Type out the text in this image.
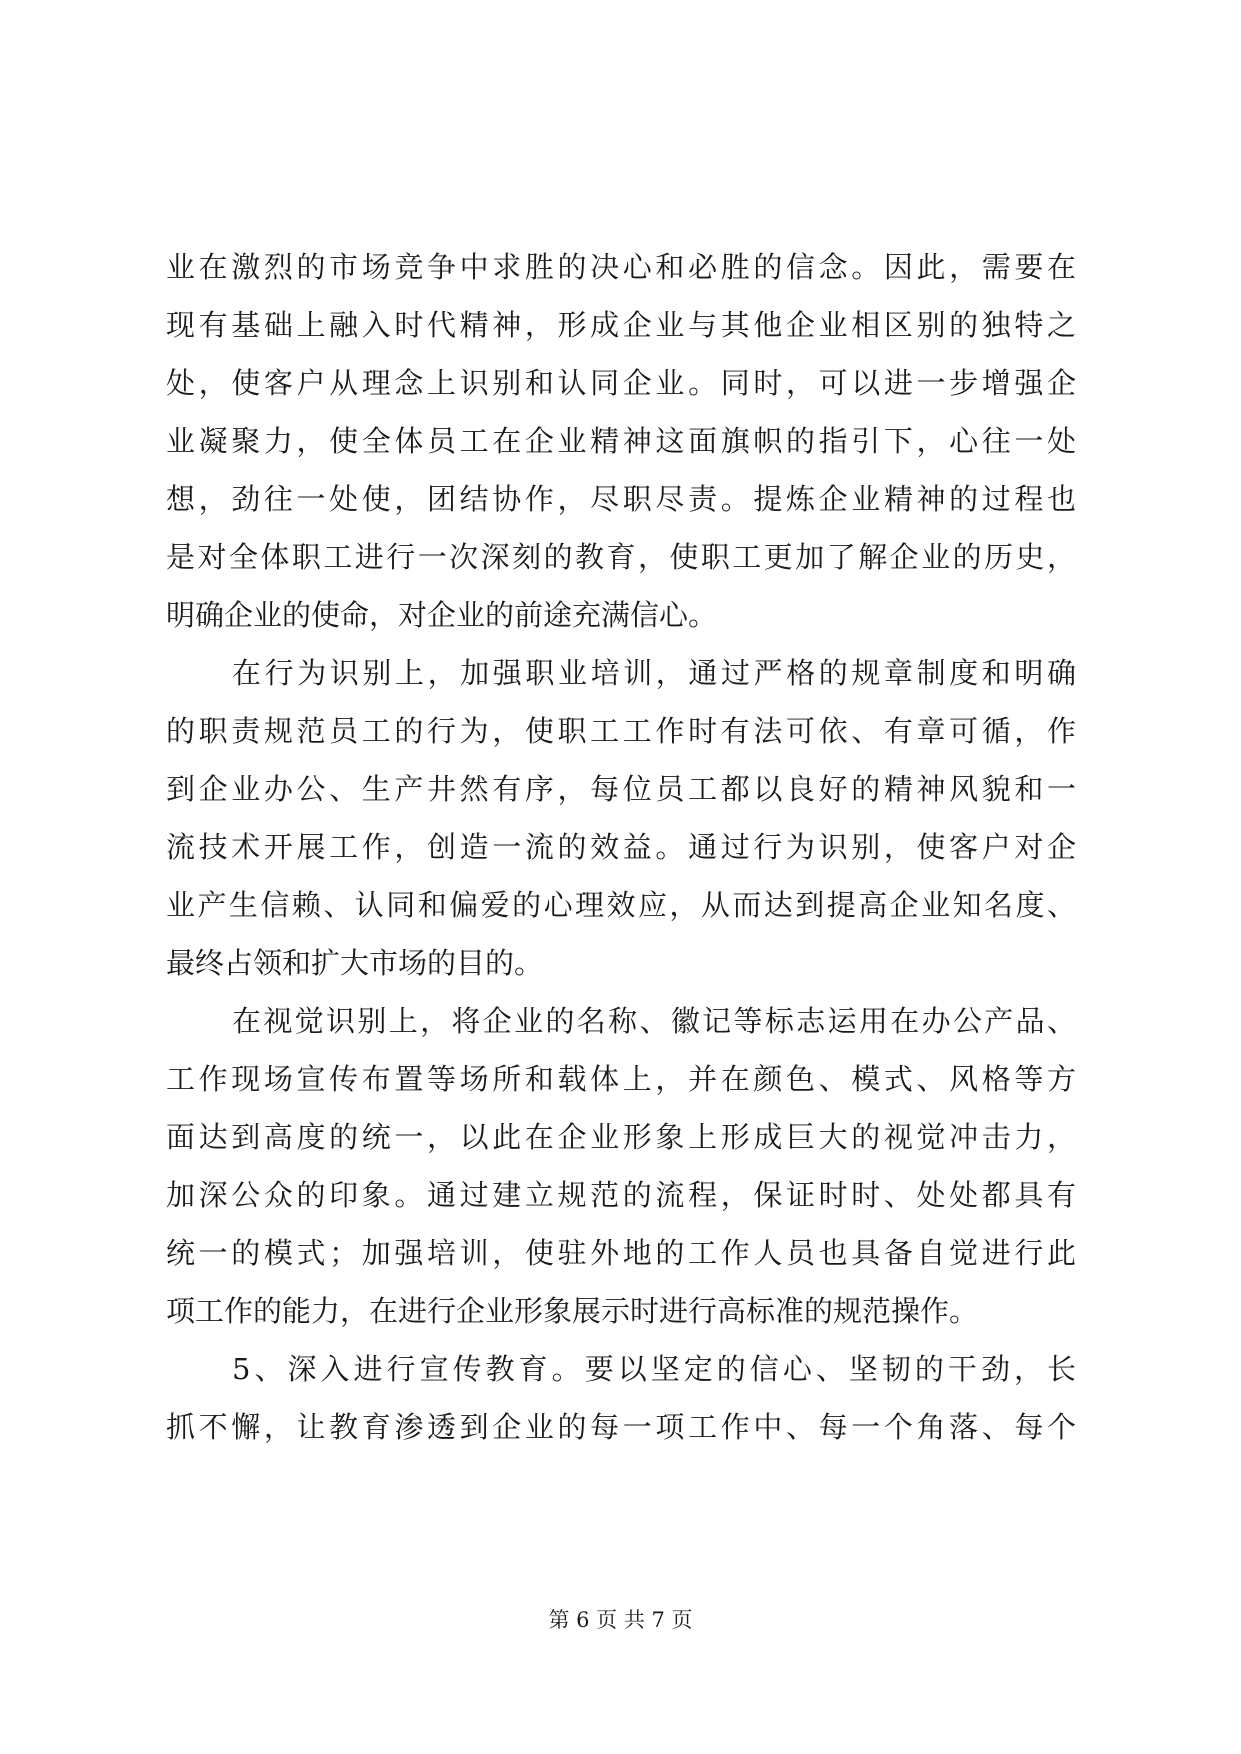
业在激烈的市场竞争中求胜的决心和必胜的信念。因此，需要在
现有基础上融入时代精神，形成企业与其他企业相区别的独特之
处，使客户从理念上识别和认同企业。同时，可以进一步增强企
业凝聚力，使全体员工在企业精神这面旗帜的指引下，心往一处
想，劲往一处使，团结协作，尽职尽责。提炼企业精神的过程也
是对全体职工进行一次深刻的教育，使职工更加了解企业的历史，
明确企业的使命，对企业的前途充满信心。
在行为识别上，加强职业培训，通过严格的规章制度和明确
的职责规范员工的行为，使职工工作时有法可依、有章可循，作
到企业办公、生产井然有序，每位员工都以良好的精神风貌和一
流技术开展工作，创造一流的效益。通过行为识别，使客户对企
业产生信赖、认同和偏爱的心理效应，从而达到提高企业知名度、
最终占领和扩大市场的目的。
在视觉识别上，将企业的名称、徽记等标志运用在办公产品、
工作现场宣传布置等场所和载体上，并在颜色、模式、风格等方
面达到高度的统一，以此在企业形象上形成巨大的视觉冲击力，
加深公众的印象。通过建立规范的流程，保证时时、处处都具有
统一的模式；加强培训，使驻外地的工作人员也具备自觉进行此
项工作的能力，在进行企业形象展示时进行高标准的规范操作。
5、深入进行宣传教育。要以坚定的信心、坚韧的干劲，长
抓不懈，让教育渗透到企业的每一项工作中、每一个角落、每个
第 6 页 共 7 页
